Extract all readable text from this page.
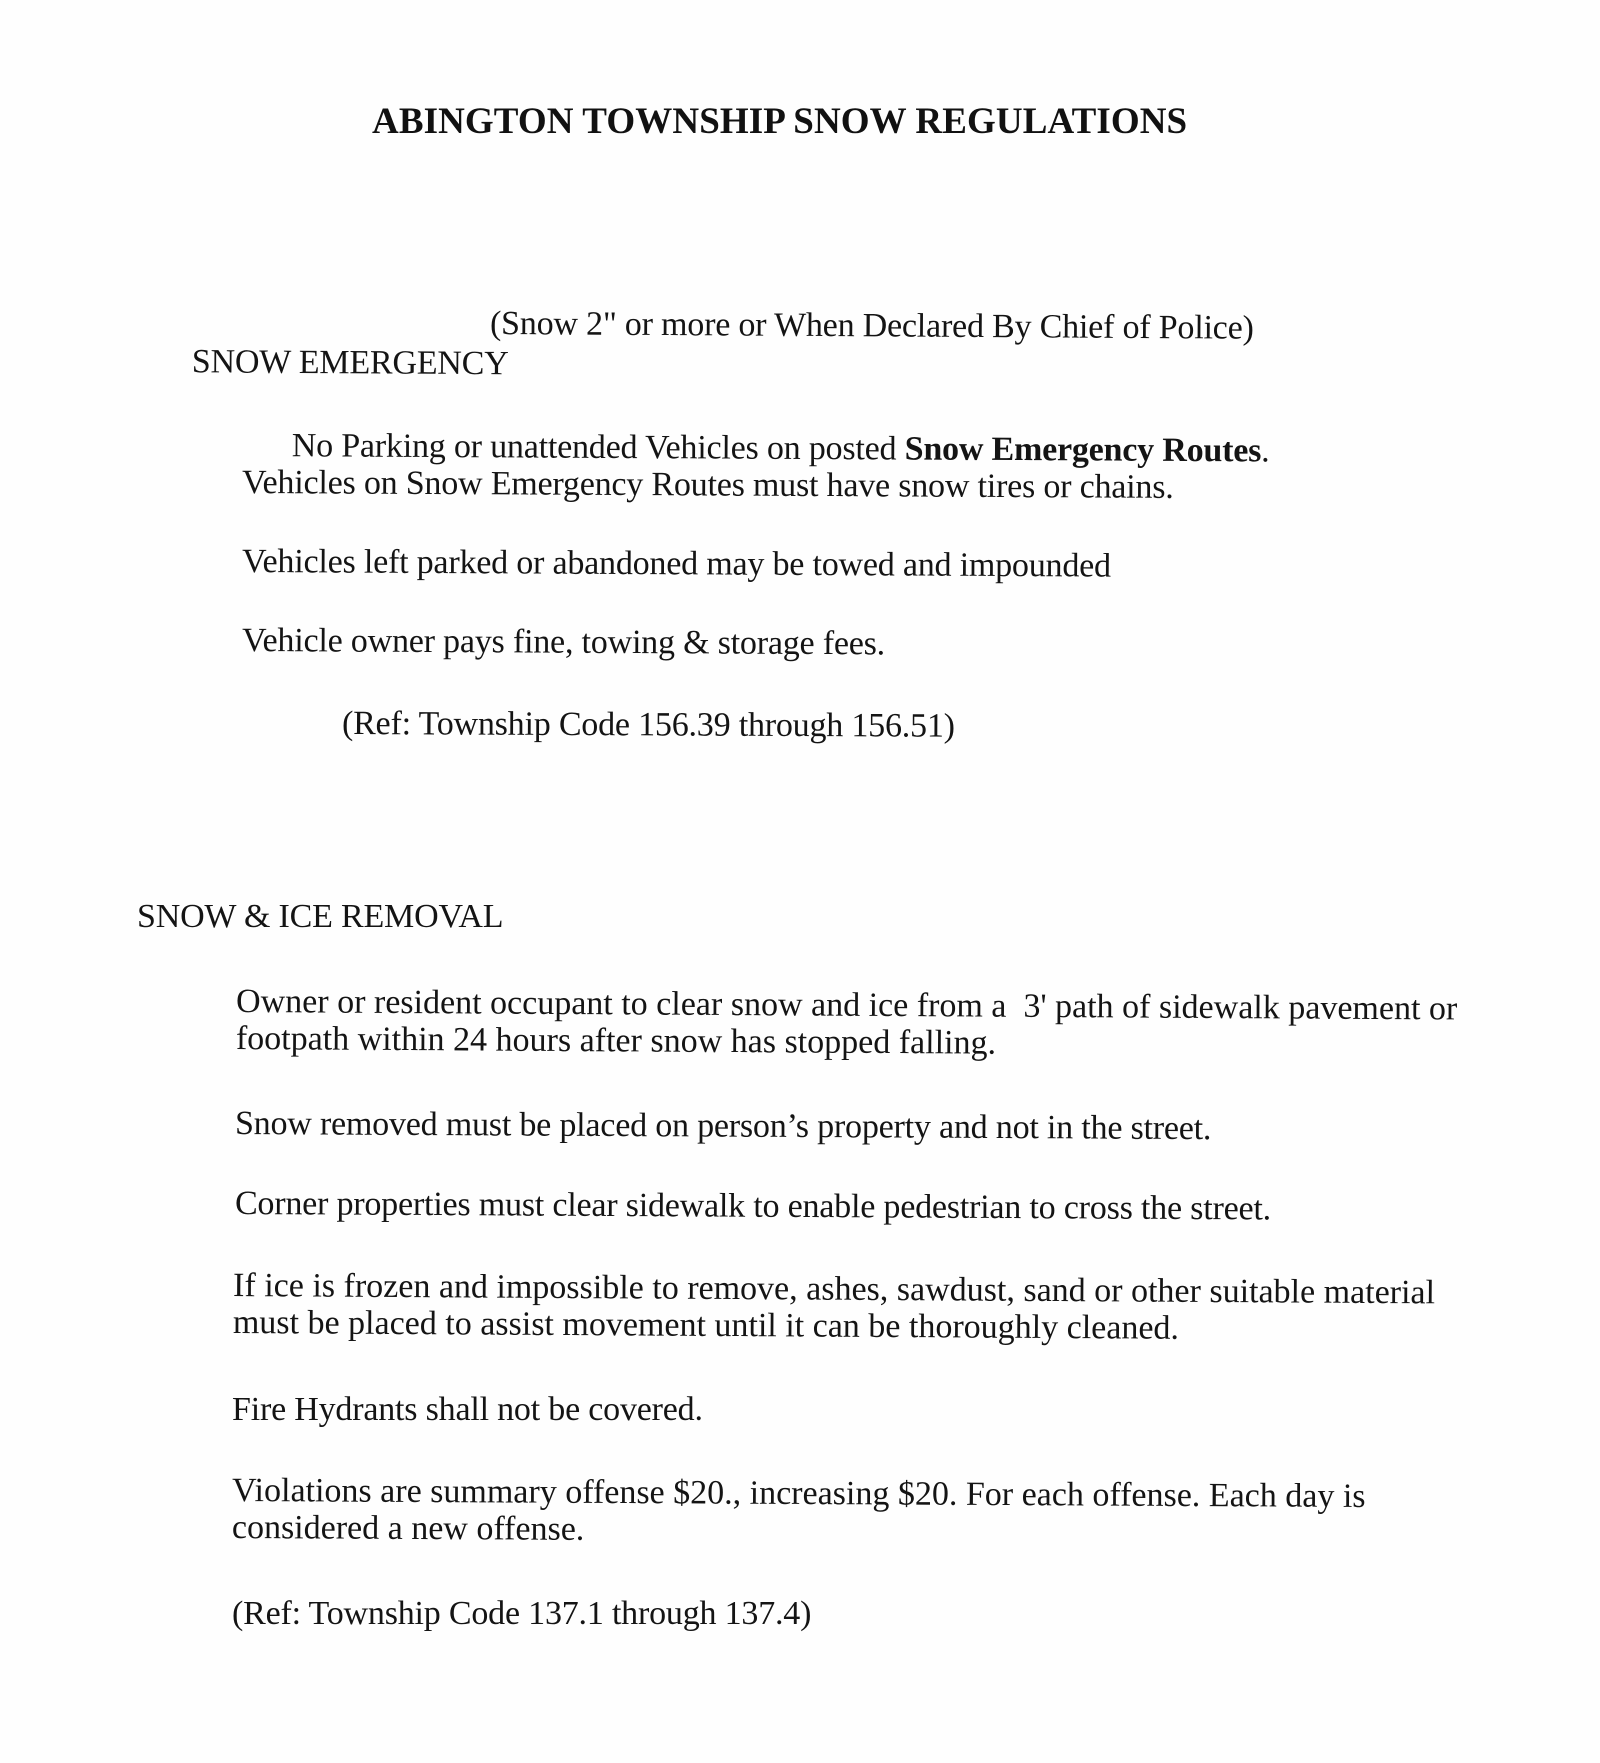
ABINGTON TOWNSHIP SNOW REGULATIONS

SNOW EMERGENCY

(Snow 2" or more or When Declared By Chief of Police)

No Parking or unattended Vehicles on posted Snow Emergency Routes.

Vehicles on Snow Emergency Routes must have snow tires or chains.
Vehicles left parked or abandoned may be towed and impounded
Vehicle owner pays fine, towing & storage fees.
(Ref: Township Code 156.39 through 156.51)
SNOW & ICE REMOVAL
Owner or resident occupant to clear snow and ice from a  3' path of sidewalk pavement or
footpath within 24 hours after snow has stopped falling.
Snow removed must be placed on person’s property and not in the street.
Corner properties must clear sidewalk to enable pedestrian to cross the street.
If ice is frozen and impossible to remove, ashes, sawdust, sand or other suitable material
must be placed to assist movement until it can be thoroughly cleaned.
Fire Hydrants shall not be covered.
Violations are summary offense $20., increasing $20. For each offense. Each day is
considered a new offense.
(Ref: Township Code 137.1 through 137.4)
